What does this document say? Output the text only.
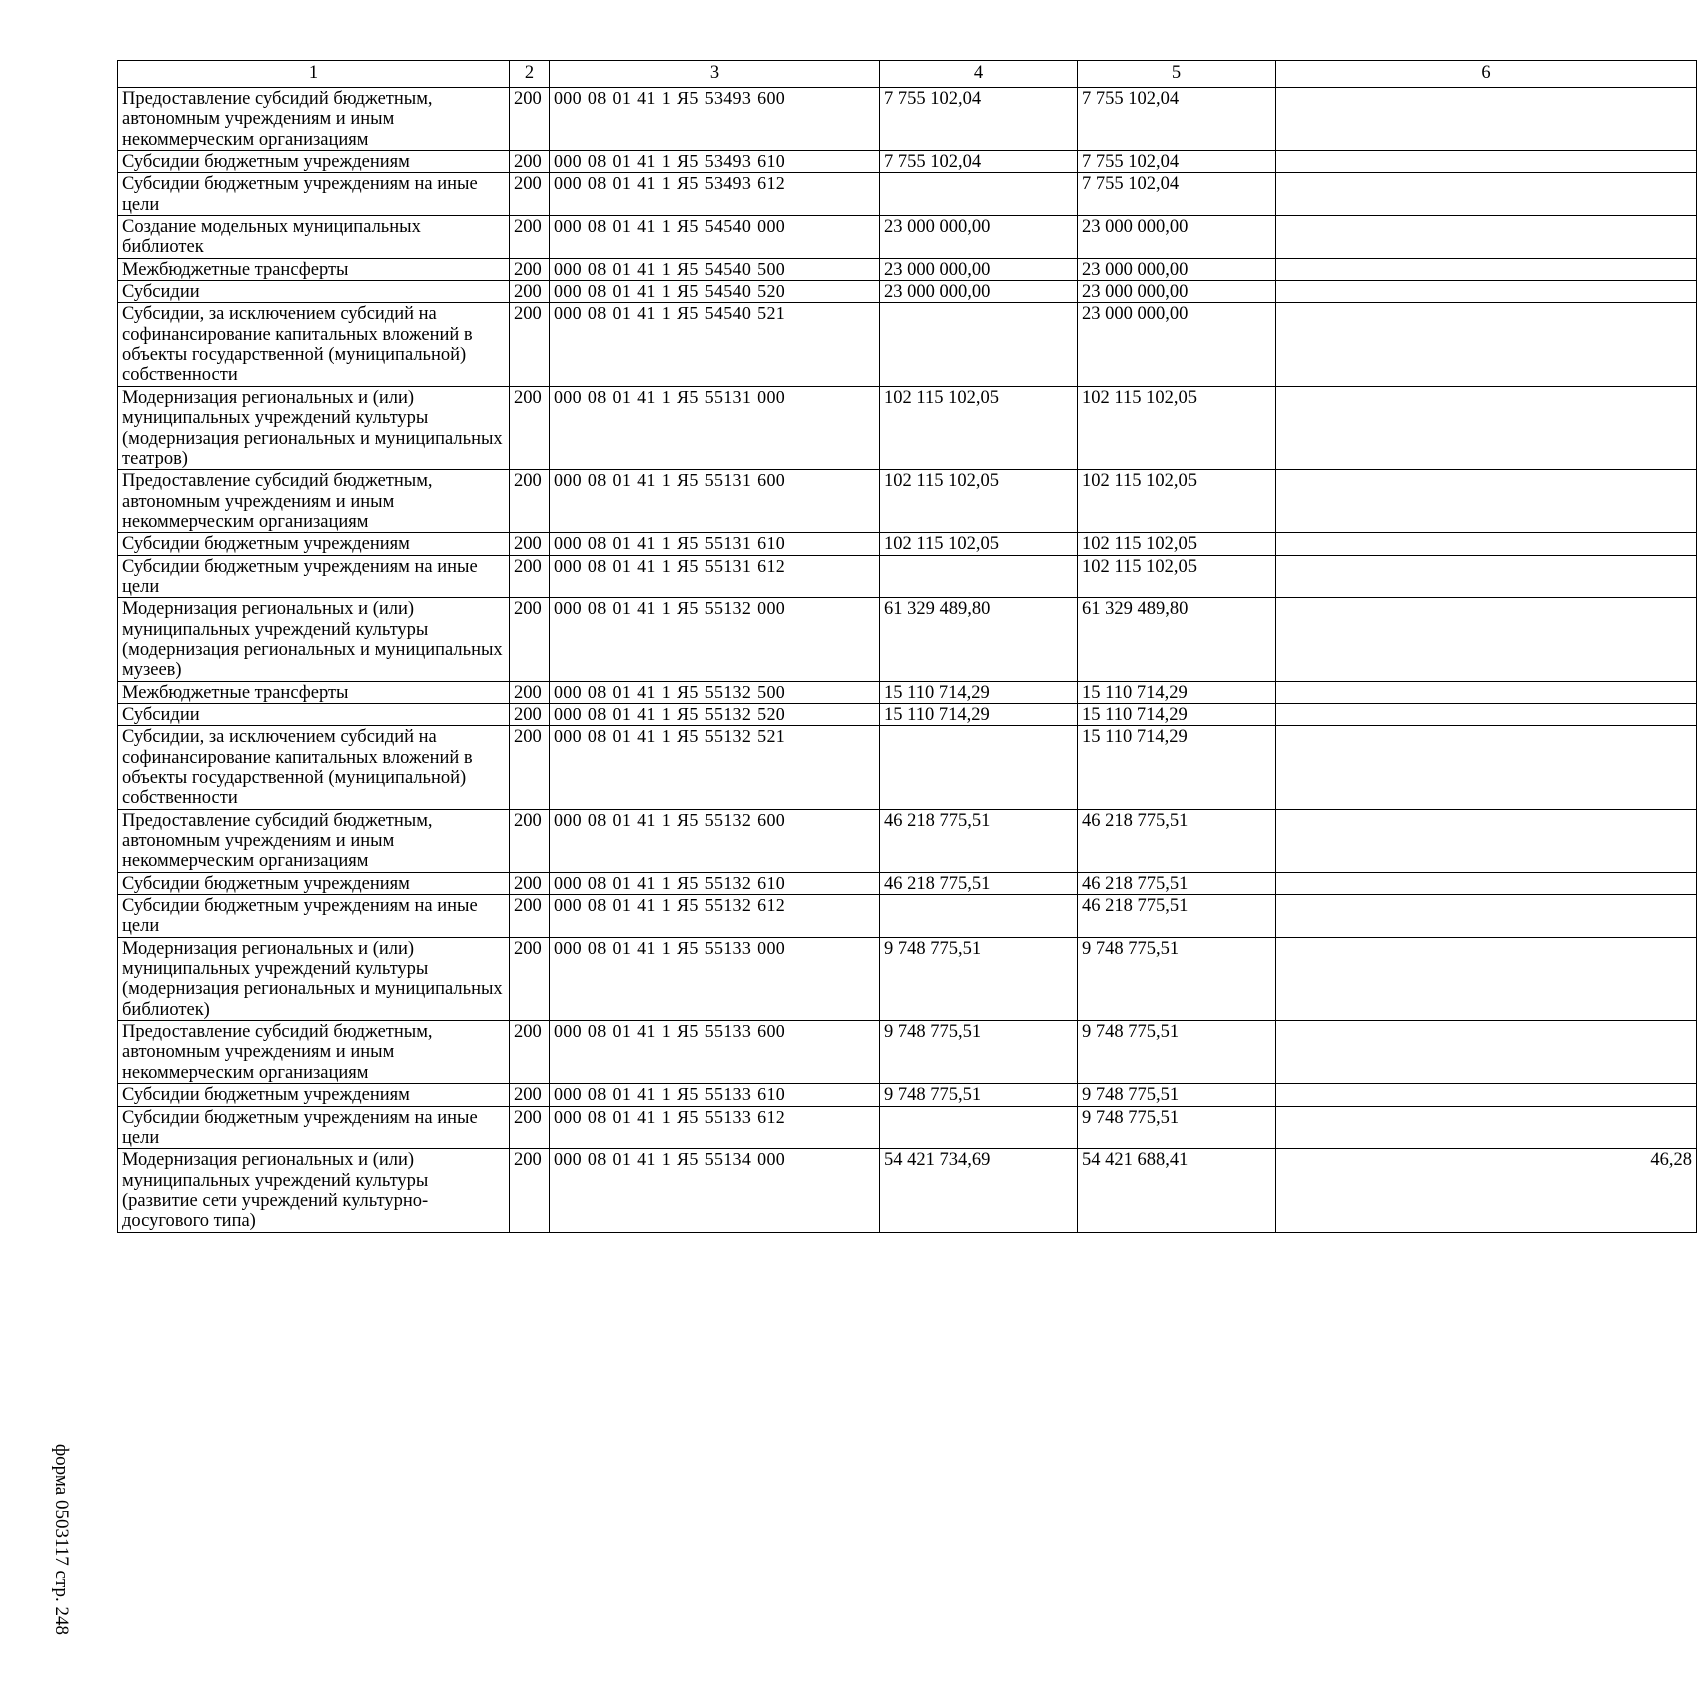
форма 0503117 стр. 248
1	2	3	4	5	6
Предоставление субсидий бюджетным, автономным учреждениям и иным некоммерческим организациям	200	000 08 01 41 1 Я5 53493 600	7 755 102,04	7 755 102,04	
Субсидии бюджетным учреждениям	200	000 08 01 41 1 Я5 53493 610	7 755 102,04	7 755 102,04	
Субсидии бюджетным учреждениям на иные цели	200	000 08 01 41 1 Я5 53493 612		7 755 102,04	
Создание модельных муниципальных библиотек	200	000 08 01 41 1 Я5 54540 000	23 000 000,00	23 000 000,00	
Межбюджетные трансферты	200	000 08 01 41 1 Я5 54540 500	23 000 000,00	23 000 000,00	
Субсидии	200	000 08 01 41 1 Я5 54540 520	23 000 000,00	23 000 000,00	
Субсидии, за исключением субсидий на софинансирование капитальных вложений в объекты государственной (муниципальной) собственности	200	000 08 01 41 1 Я5 54540 521		23 000 000,00	
Модернизация региональных и (или) муниципальных учреждений культуры (модернизация региональных и муниципальных театров)	200	000 08 01 41 1 Я5 55131 000	102 115 102,05	102 115 102,05	
Предоставление субсидий бюджетным, автономным учреждениям и иным некоммерческим организациям	200	000 08 01 41 1 Я5 55131 600	102 115 102,05	102 115 102,05	
Субсидии бюджетным учреждениям	200	000 08 01 41 1 Я5 55131 610	102 115 102,05	102 115 102,05	
Субсидии бюджетным учреждениям на иные цели	200	000 08 01 41 1 Я5 55131 612		102 115 102,05	
Модернизация региональных и (или) муниципальных учреждений культуры (модернизация региональных и муниципальных музеев)	200	000 08 01 41 1 Я5 55132 000	61 329 489,80	61 329 489,80	
Межбюджетные трансферты	200	000 08 01 41 1 Я5 55132 500	15 110 714,29	15 110 714,29	
Субсидии	200	000 08 01 41 1 Я5 55132 520	15 110 714,29	15 110 714,29	
Субсидии, за исключением субсидий на софинансирование капитальных вложений в объекты государственной (муниципальной) собственности	200	000 08 01 41 1 Я5 55132 521		15 110 714,29	
Предоставление субсидий бюджетным, автономным учреждениям и иным некоммерческим организациям	200	000 08 01 41 1 Я5 55132 600	46 218 775,51	46 218 775,51	
Субсидии бюджетным учреждениям	200	000 08 01 41 1 Я5 55132 610	46 218 775,51	46 218 775,51	
Субсидии бюджетным учреждениям на иные цели	200	000 08 01 41 1 Я5 55132 612		46 218 775,51	
Модернизация региональных и (или) муниципальных учреждений культуры (модернизация региональных и муниципальных библиотек)	200	000 08 01 41 1 Я5 55133 000	9 748 775,51	9 748 775,51	
Предоставление субсидий бюджетным, автономным учреждениям и иным некоммерческим организациям	200	000 08 01 41 1 Я5 55133 600	9 748 775,51	9 748 775,51	
Субсидии бюджетным учреждениям	200	000 08 01 41 1 Я5 55133 610	9 748 775,51	9 748 775,51	
Субсидии бюджетным учреждениям на иные цели	200	000 08 01 41 1 Я5 55133 612		9 748 775,51	
Модернизация региональных и (или) муниципальных учреждений культуры (развитие сети учреждений культурно-досугового типа)	200	000 08 01 41 1 Я5 55134 000	54 421 734,69	54 421 688,41	46,28
